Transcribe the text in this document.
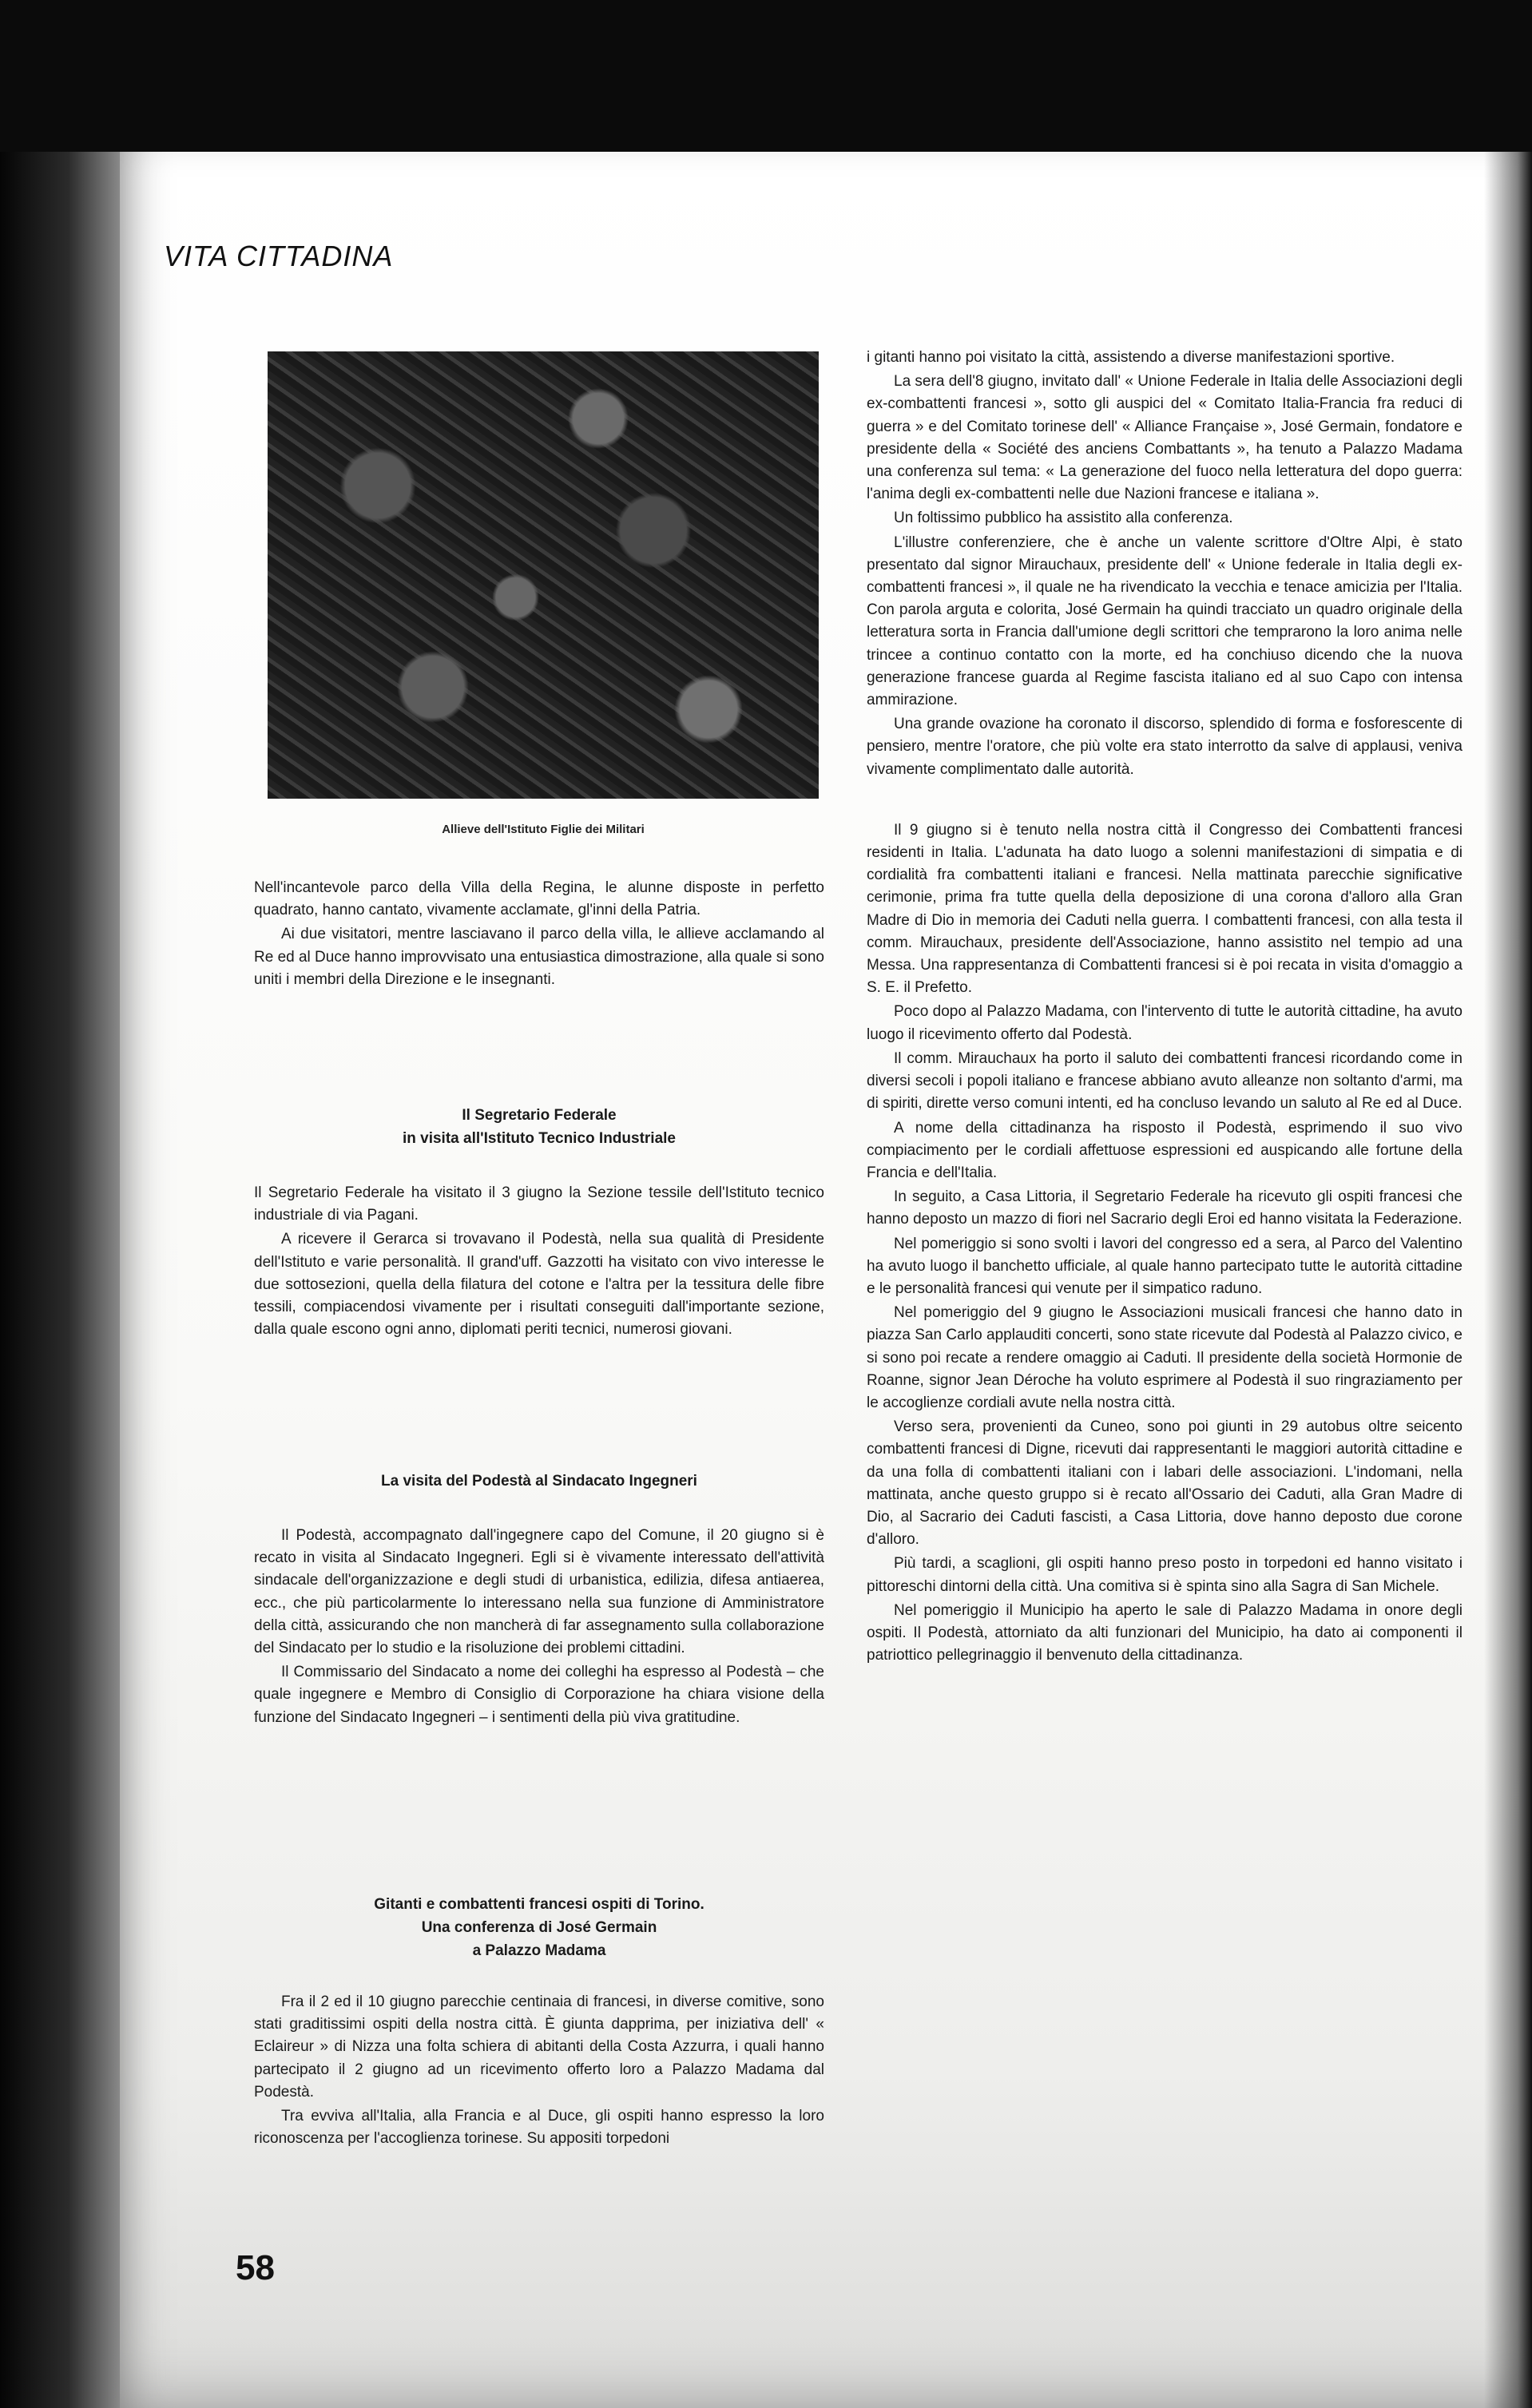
VITA CITTADINA
Allieve dell'Istituto Figlie dei Militari

Nell'incantevole parco della Villa della Regina, le alunne disposte in perfetto quadrato, hanno cantato, vivamente acclamate, gl'inni della Patria.

Ai due visitatori, mentre lasciavano il parco della villa, le allieve acclamando al Re ed al Duce hanno improvvisato una entusiastica dimostrazione, alla quale si sono uniti i membri della Direzione e le insegnanti.

Il Segretario Federale
in visita all'Istituto Tecnico Industriale

Il Segretario Federale ha visitato il 3 giugno la Sezione tessile dell'Istituto tecnico industriale di via Pagani.

A ricevere il Gerarca si trovavano il Podestà, nella sua qualità di Presidente dell'Istituto e varie personalità. Il grand'uff. Gazzotti ha visitato con vivo interesse le due sottosezioni, quella della filatura del cotone e l'altra per la tessitura delle fibre tessili, compiacendosi vivamente per i risultati conseguiti dall'importante sezione, dalla quale escono ogni anno, diplomati periti tecnici, numerosi giovani.

La visita del Podestà al Sindacato Ingegneri

Il Podestà, accompagnato dall'ingegnere capo del Comune, il 20 giugno si è recato in visita al Sindacato Ingegneri. Egli si è vivamente interessato dell'attività sindacale dell'organizzazione e degli studi di urbanistica, edilizia, difesa antiaerea, ecc., che più particolarmente lo interessano nella sua funzione di Amministratore della città, assicurando che non mancherà di far assegnamento sulla collaborazione del Sindacato per lo studio e la risoluzione dei problemi cittadini.

Il Commissario del Sindacato a nome dei colleghi ha espresso al Podestà – che quale ingegnere e Membro di Consiglio di Corporazione ha chiara visione della funzione del Sindacato Ingegneri – i sentimenti della più viva gratitudine.

Gitanti e combattenti francesi ospiti di Torino.
Una conferenza di José Germain
a Palazzo Madama

Fra il 2 ed il 10 giugno parecchie centinaia di francesi, in diverse comitive, sono stati graditissimi ospiti della nostra città. È giunta dapprima, per iniziativa dell' « Eclaireur » di Nizza una folta schiera di abitanti della Costa Azzurra, i quali hanno partecipato il 2 giugno ad un ricevimento offerto loro a Palazzo Madama dal Podestà.

Tra evviva all'Italia, alla Francia e al Duce, gli ospiti hanno espresso la loro riconoscenza per l'accoglienza torinese. Su appositi torpedoni

i gitanti hanno poi visitato la città, assistendo a diverse manifestazioni sportive.

La sera dell'8 giugno, invitato dall' « Unione Federale in Italia delle Associazioni degli ex-combattenti francesi », sotto gli auspici del « Comitato Italia-Francia fra reduci di guerra » e del Comitato torinese dell' « Alliance Française », José Germain, fondatore e presidente della « Société des anciens Combattants », ha tenuto a Palazzo Madama una conferenza sul tema: « La generazione del fuoco nella letteratura del dopo guerra: l'anima degli ex-combattenti nelle due Nazioni francese e italiana ».

Un foltissimo pubblico ha assistito alla conferenza.

L'illustre conferenziere, che è anche un valente scrittore d'Oltre Alpi, è stato presentato dal signor Mirauchaux, presidente dell' « Unione federale in Italia degli ex-combattenti francesi », il quale ne ha rivendicato la vecchia e tenace amicizia per l'Italia. Con parola arguta e colorita, José Germain ha quindi tracciato un quadro originale della letteratura sorta in Francia dall'umione degli scrittori che temprarono la loro anima nelle trincee a continuo contatto con la morte, ed ha conchiuso dicendo che la nuova generazione francese guarda al Regime fascista italiano ed al suo Capo con intensa ammirazione.

Una grande ovazione ha coronato il discorso, splendido di forma e fosforescente di pensiero, mentre l'oratore, che più volte era stato interrotto da salve di applausi, veniva vivamente complimentato dalle autorità.

Il 9 giugno si è tenuto nella nostra città il Congresso dei Combattenti francesi residenti in Italia. L'adunata ha dato luogo a solenni manifestazioni di simpatia e di cordialità fra combattenti italiani e francesi. Nella mattinata parecchie significative cerimonie, prima fra tutte quella della deposizione di una corona d'alloro alla Gran Madre di Dio in memoria dei Caduti nella guerra. I combattenti francesi, con alla testa il comm. Mirauchaux, presidente dell'Associazione, hanno assistito nel tempio ad una Messa. Una rappresentanza di Combattenti francesi si è poi recata in visita d'omaggio a S. E. il Prefetto.

Poco dopo al Palazzo Madama, con l'intervento di tutte le autorità cittadine, ha avuto luogo il ricevimento offerto dal Podestà.

Il comm. Mirauchaux ha porto il saluto dei combattenti francesi ricordando come in diversi secoli i popoli italiano e francese abbiano avuto alleanze non soltanto d'armi, ma di spiriti, dirette verso comuni intenti, ed ha concluso levando un saluto al Re ed al Duce.

A nome della cittadinanza ha risposto il Podestà, esprimendo il suo vivo compiacimento per le cordiali affettuose espressioni ed auspicando alle fortune della Francia e dell'Italia.

In seguito, a Casa Littoria, il Segretario Federale ha ricevuto gli ospiti francesi che hanno deposto un mazzo di fiori nel Sacrario degli Eroi ed hanno visitata la Federazione.

Nel pomeriggio si sono svolti i lavori del congresso ed a sera, al Parco del Valentino ha avuto luogo il banchetto ufficiale, al quale hanno partecipato tutte le autorità cittadine e le personalità francesi qui venute per il simpatico raduno.

Nel pomeriggio del 9 giugno le Associazioni musicali francesi che hanno dato in piazza San Carlo applauditi concerti, sono state ricevute dal Podestà al Palazzo civico, e si sono poi recate a rendere omaggio ai Caduti. Il presidente della società Hormonie de Roanne, signor Jean Déroche ha voluto esprimere al Podestà il suo ringraziamento per le accoglienze cordiali avute nella nostra città.

Verso sera, provenienti da Cuneo, sono poi giunti in 29 autobus oltre seicento combattenti francesi di Digne, ricevuti dai rappresentanti le maggiori autorità cittadine e da una folla di combattenti italiani con i labari delle associazioni. L'indomani, nella mattinata, anche questo gruppo si è recato all'Ossario dei Caduti, alla Gran Madre di Dio, al Sacrario dei Caduti fascisti, a Casa Littoria, dove hanno deposto due corone d'alloro.

Più tardi, a scaglioni, gli ospiti hanno preso posto in torpedoni ed hanno visitato i pittoreschi dintorni della città. Una comitiva si è spinta sino alla Sagra di San Michele.

Nel pomeriggio il Municipio ha aperto le sale di Palazzo Madama in onore degli ospiti. Il Podestà, attorniato da alti funzionari del Municipio, ha dato ai componenti il patriottico pellegrinaggio il benvenuto della cittadinanza.

58
